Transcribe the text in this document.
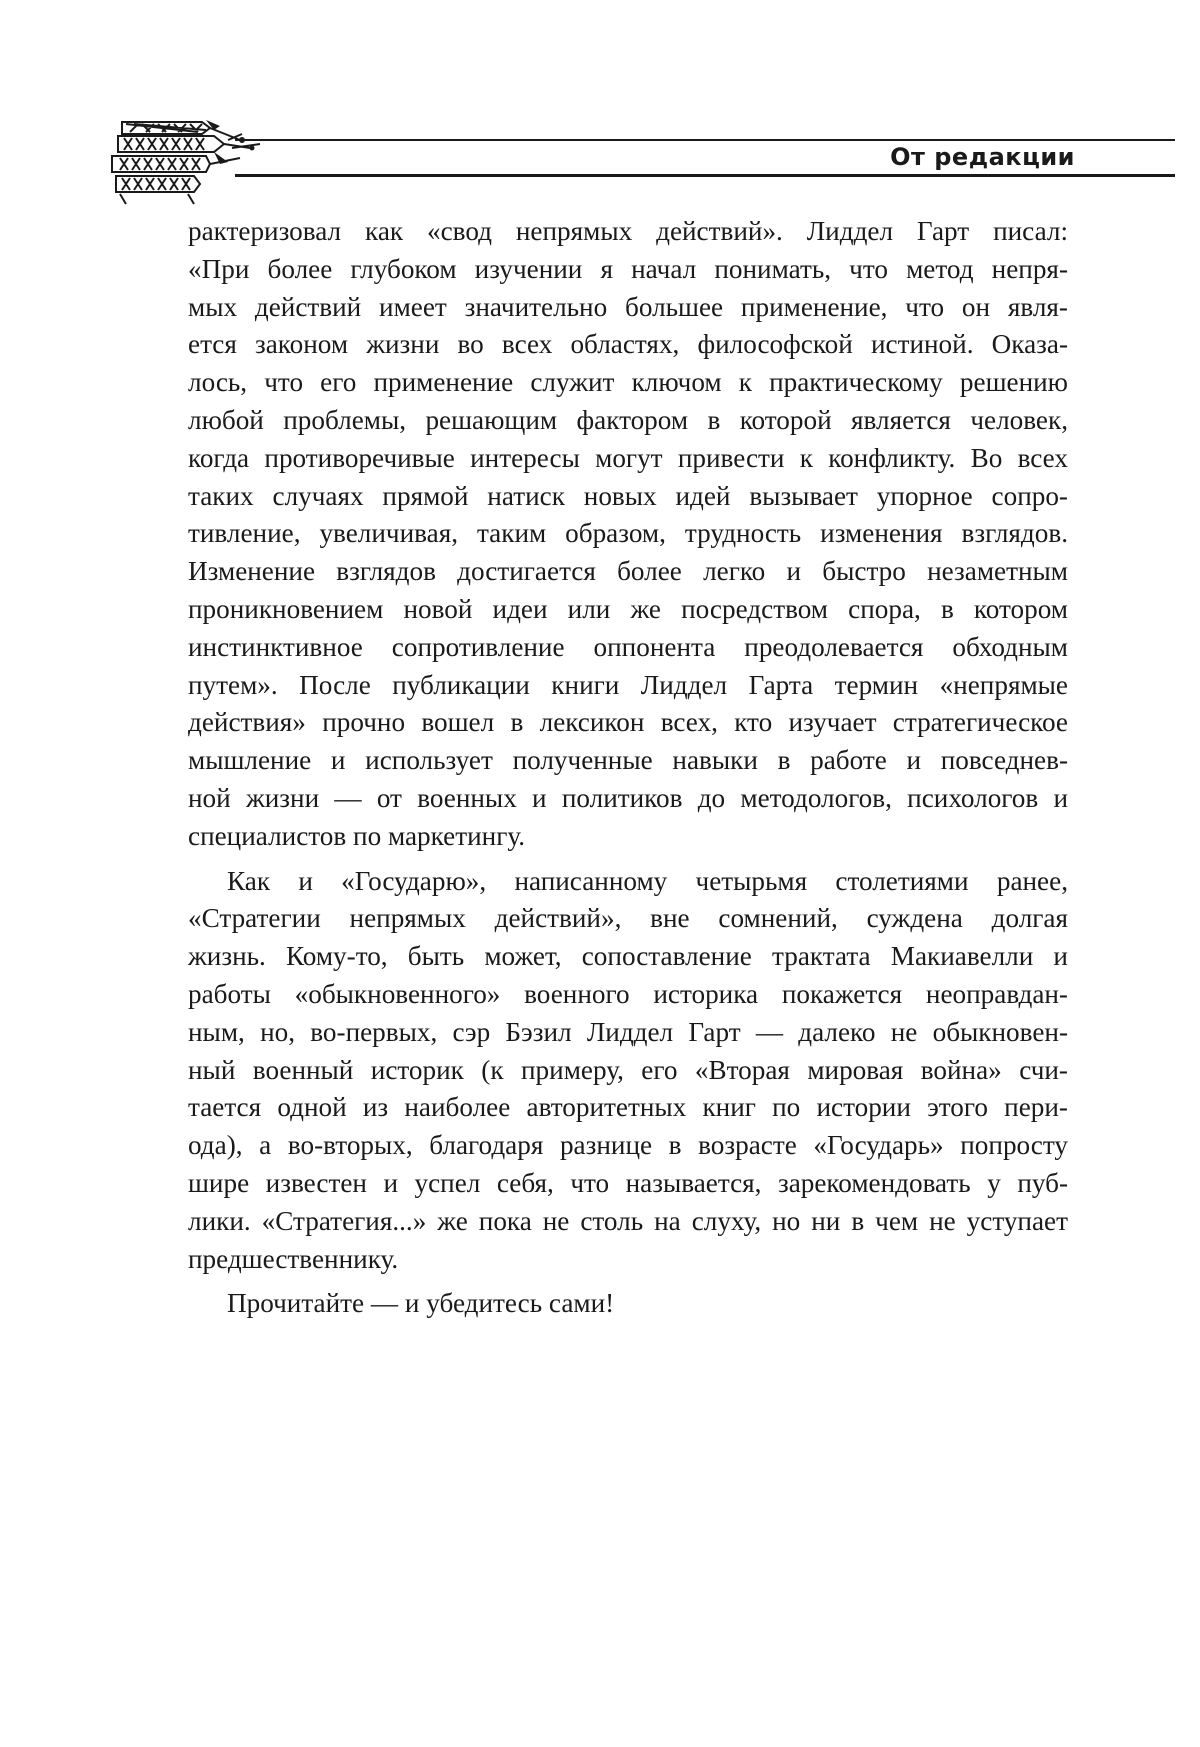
От редакции

рактеризовал как «свод непрямых действий». Лиддел Гарт писал:
«При более глубоком изучении я начал понимать, что метод непря-
мых действий имеет значительно большее применение, что он явля-
ется законом жизни во всех областях, философской истиной. Оказа-
лось, что его применение служит ключом к практическому решению
любой проблемы, решающим фактором в которой является человек,
когда противоречивые интересы могут привести к конфликту. Во всех
таких случаях прямой натиск новых идей вызывает упорное сопро-
тивление, увеличивая, таким образом, трудность изменения взглядов.
Изменение взглядов достигается более легко и быстро незаметным
проникновением новой идеи или же посредством спора, в котором
инстинктивное сопротивление оппонента преодолевается обходным
путем». После публикации книги Лиддел Гарта термин «непрямые
действия» прочно вошел в лексикон всех, кто изучает стратегическое
мышление и использует полученные навыки в работе и повседнев-
ной жизни — от военных и политиков до методологов, психологов и
специалистов по маркетингу.

Как и «Государю», написанному четырьмя столетиями ранее,
«Стратегии непрямых действий», вне сомнений, суждена долгая
жизнь. Кому-то, быть может, сопоставление трактата Макиавелли и
работы «обыкновенного» военного историка покажется неоправдан-
ным, но, во-первых, сэр Бэзил Лиддел Гарт — далеко не обыкновен-
ный военный историк (к примеру, его «Вторая мировая война» счи-
тается одной из наиболее авторитетных книг по истории этого пери-
ода), а во-вторых, благодаря разнице в возрасте «Государь» попросту
шире известен и успел себя, что называется, зарекомендовать у пуб-
лики. «Стратегия...» же пока не столь на слуху, но ни в чем не уступает
предшественнику.

Прочитайте — и убедитесь сами!
